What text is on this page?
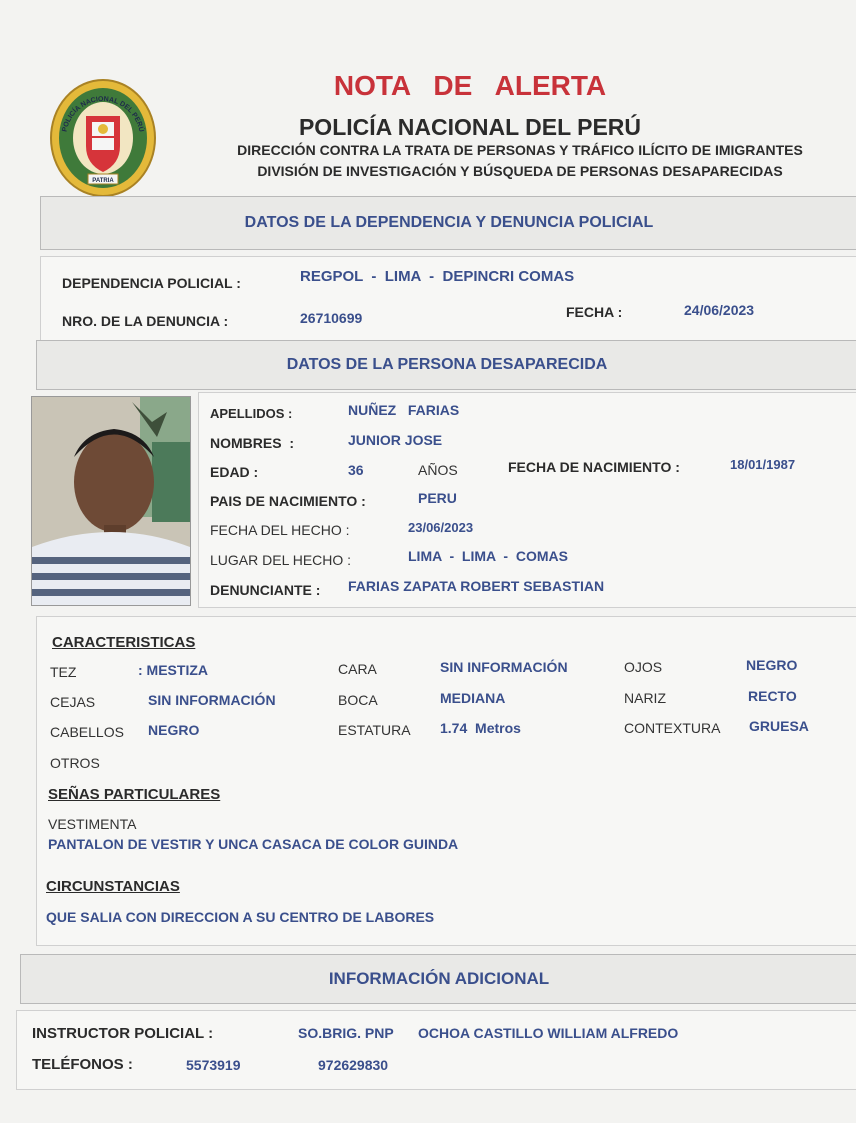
POLICÍA NACIONAL DEL PERÚ
PATRIA
NOTA   DE   ALERTA
POLICÍA NACIONAL DEL PERÚ
DIRECCIÓN CONTRA LA TRATA DE PERSONAS Y TRÁFICO ILÍCITO DE IMIGRANTES
DIVISIÓN DE INVESTIGACIÓN Y BÚSQUEDA DE PERSONAS DESAPARECIDAS
DATOS DE LA DEPENDENCIA Y DENUNCIA POLICIAL
DEPENDENCIA POLICIAL :	REGPOL  -  LIMA  -  DEPINCRI COMAS
NRO. DE LA DENUNCIA :	26710699	FECHA :	24/06/2023
DATOS DE LA PERSONA DESAPARECIDA
APELLIDOS :	NUÑEZ   FARIAS
NOMBRES  :	JUNIOR JOSE
EDAD :	36	AÑOS	FECHA DE NACIMIENTO :	18/01/1987
PAIS DE NACIMIENTO :	PERU
FECHA DEL HECHO :	23/06/2023
LUGAR DEL HECHO :	LIMA  -  LIMA  -  COMAS
DENUNCIANTE : FARIAS ZAPATA ROBERT SEBASTIAN
CARACTERISTICAS
TEZ	: MESTIZA	CARA	SIN INFORMACIÓN	OJOS	NEGRO
CEJAS	SIN INFORMACIÓN	BOCA	MEDIANA	NARIZ	RECTO
CABELLOS NEGRO	ESTATURA 1.74  Metros	CONTEXTURA GRUESA
OTROS
SEÑAS PARTICULARES
VESTIMENTA
PANTALON DE VESTIR Y UNCA CASACA DE COLOR GUINDA
CIRCUNSTANCIAS
QUE SALIA CON DIRECCION A SU CENTRO DE LABORES
INFORMACIÓN ADICIONAL
INSTRUCTOR POLICIAL :	SO.BRIG. PNP OCHOA CASTILLO WILLIAM ALFREDO
TELÉFONOS :	5573919	972629830
